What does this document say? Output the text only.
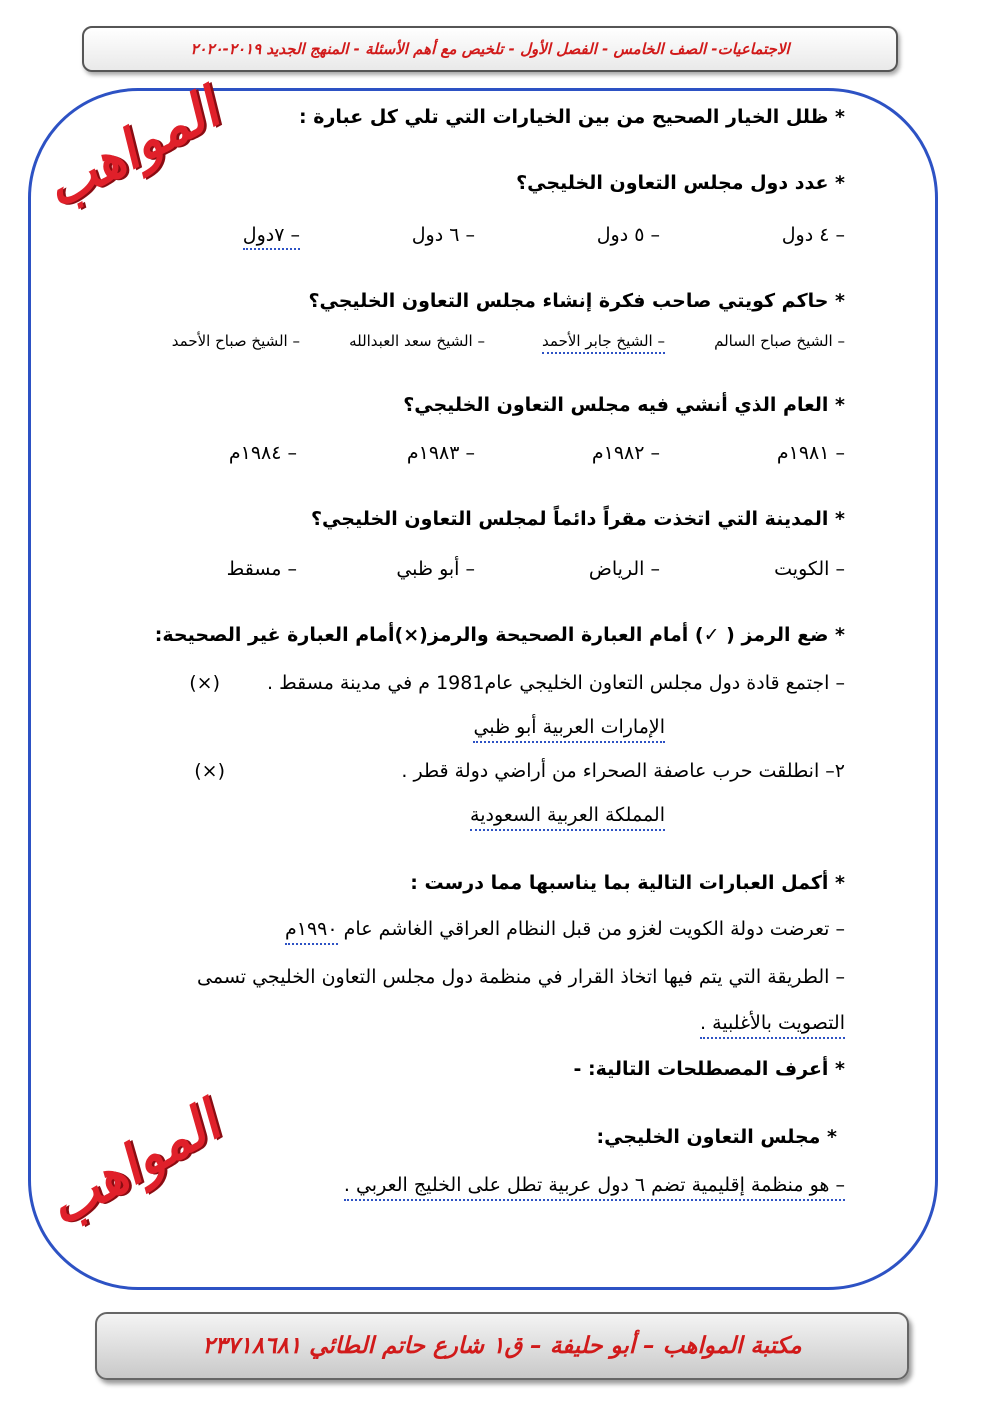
الاجتماعيات- الصف الخامس - الفصل الأول - تلخيص مع أهم الأسئلة - المنهج الجديد ٢٠١٩-٢٠٢٠
المواهب
المواهب
* ظلل الخيار الصحيح من بين الخيارات التي تلي كل عبارة :
* عدد دول مجلس التعاون الخليجي؟
– ٤ دول
– ٥ دول
– ٦ دول
– ٧دول
* حاكم كويتي صاحب فكرة إنشاء مجلس التعاون الخليجي؟
– الشيخ صباح السالم
– الشيخ جابر الأحمد
– الشيخ سعد العبدالله
– الشيخ صباح الأحمد
* العام الذي أنشي فيه مجلس التعاون الخليجي؟
– ١٩٨١م
– ١٩٨٢م
– ١٩٨٣م
– ١٩٨٤م
* المدينة التي اتخذت مقراً دائماً لمجلس التعاون الخليجي؟
– الكويت
– الرياض
– أبو ظبي
– مسقط
* ضع الرمز ( ✓) أمام العبارة الصحيحة والرمز(×)أمام العبارة غير الصحيحة:
– اجتمع قادة دول مجلس التعاون الخليجي عام1981 م في مدينة مسقط .
(×)
الإمارات العربية أبو ظبي
٢– انطلقت حرب عاصفة الصحراء من أراضي دولة قطر .
(×)
المملكة العربية السعودية
* أكمل العبارات التالية بما يناسبها مما درست :
– تعرضت دولة الكويت لغزو من قبل النظام العراقي الغاشم عام ١٩٩٠م
– الطريقة التي يتم فيها اتخاذ القرار في منظمة دول مجلس التعاون الخليجي تسمى
التصويت بالأغلبية .
* أعرف المصطلحات التالية: -
* مجلس التعاون الخليجي:
– هو منظمة إقليمية تضم ٦ دول عربية تطل على الخليج العربي .
مكتبة المواهب – أبو حليفة – ق١ شارع حاتم الطائي ٢٣٧١٨٦٨١
